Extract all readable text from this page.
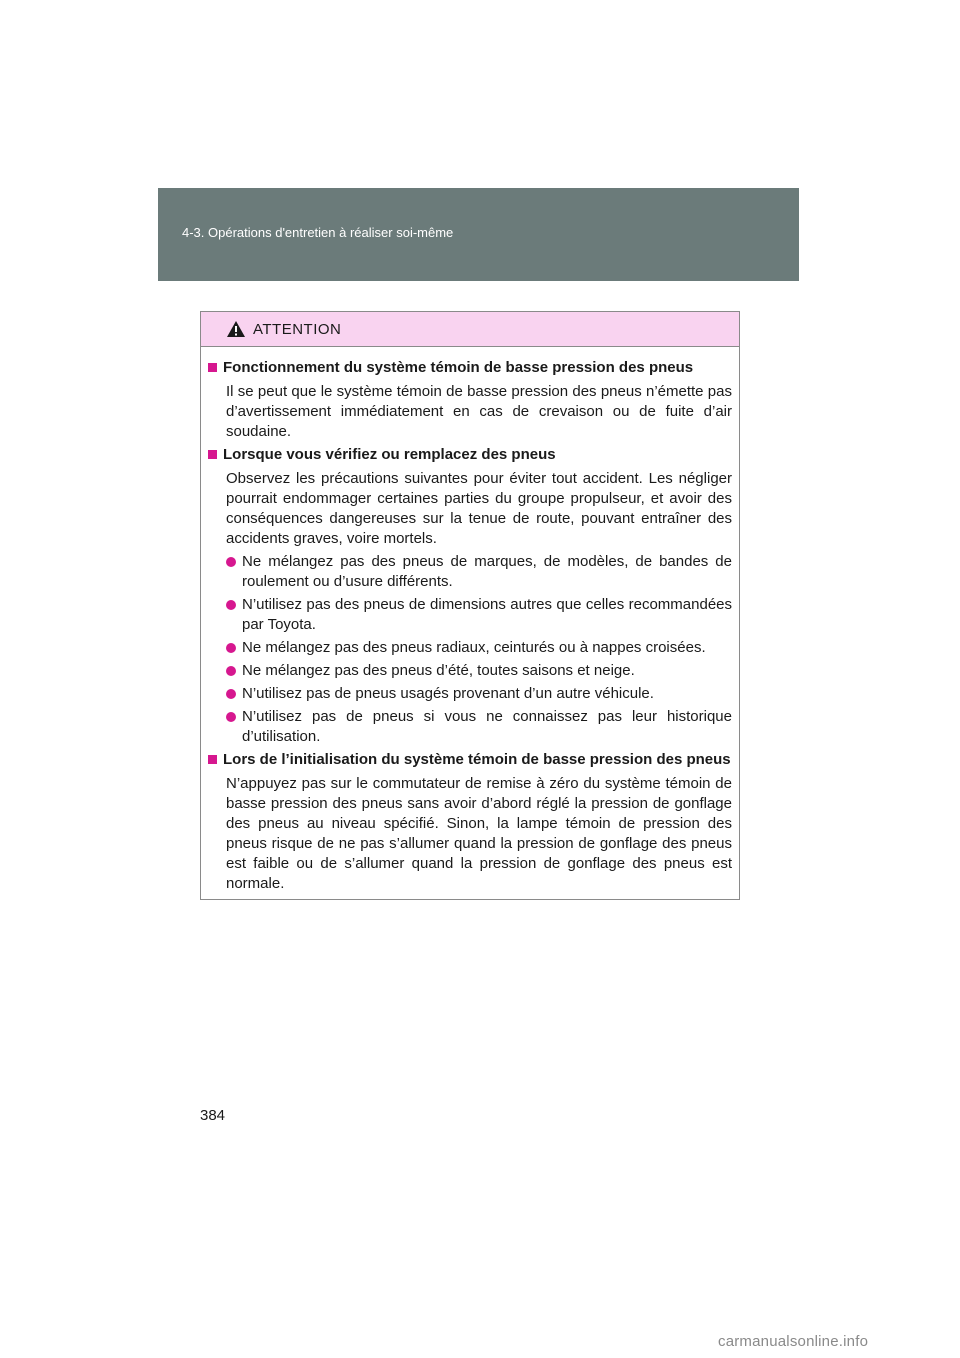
4-3. Opérations d'entretien à réaliser soi-même
ATTENTION
Fonctionnement du système témoin de basse pression des pneus
Il se peut que le système témoin de basse pression des pneus n’émette pas d’avertissement immédiatement en cas de crevaison ou de fuite d’air soudaine.
Lorsque vous vérifiez ou remplacez des pneus
Observez les précautions suivantes pour éviter tout accident. Les négliger pourrait endommager certaines parties du groupe propulseur, et avoir des conséquences dangereuses sur la tenue de route, pouvant entraîner des accidents graves, voire mortels.
Ne mélangez pas des pneus de marques, de modèles, de bandes de roulement ou d’usure différents.
N’utilisez pas des pneus de dimensions autres que celles recommandées par Toyota.
Ne mélangez pas des pneus radiaux, ceinturés ou à nappes croisées.
Ne mélangez pas des pneus d’été, toutes saisons et neige.
N’utilisez pas de pneus usagés provenant d’un autre véhicule.
N’utilisez pas de pneus si vous ne connaissez pas leur historique d’utilisation.
Lors de l’initialisation du système témoin de basse pression des pneus
N’appuyez pas sur le commutateur de remise à zéro du système témoin de basse pression des pneus sans avoir d’abord réglé la pression de gonflage des pneus au niveau spécifié. Sinon, la lampe témoin de pression des pneus risque de ne pas s’allumer quand la pression de gonflage des pneus est faible ou de s’allumer quand la pression de gonflage des pneus est normale.
384
carmanualsonline.info
